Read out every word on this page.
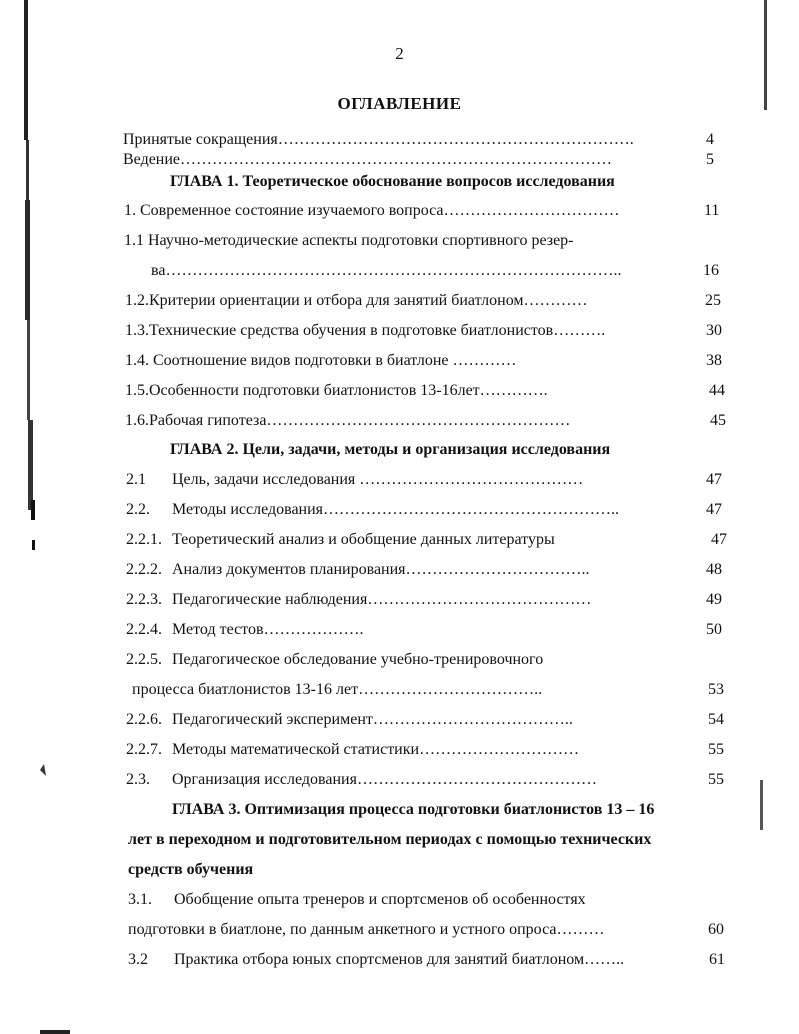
2
ОГЛАВЛЕНИЕ
Принятые сокращения………………………………………………………….	4
Ведение………………………………………………………………………	5
ГЛАВА 1. Теоретическое обоснование вопросов исследования
1. Современное состояние изучаемого вопроса……………………………	11
1.1 Научно-методические аспекты подготовки спортивного резер-
ва…………………………………………………………………………..	16
1.2.Критерии ориентации и отбора для занятий биатлоном…………	25
1.3.Технические средства обучения в подготовке биатлонистов……….	30
1.4. Соотношение видов подготовки в биатлоне …………	38
1.5.Особенности подготовки биатлонистов 13-16лет………….	44
1.6.Рабочая гипотеза…………………………………………………	45
ГЛАВА 2. Цели, задачи, методы и организация исследования
2.1 Цель, задачи исследования ……………………………………	47
2.2. Методы исследования………………………………………………..	47
2.2.1. Теоретический анализ и обобщение данных литературы	47
2.2.2. Анализ документов планирования……………………………..	48
2.2.3. Педагогические наблюдения……………………………………	49
2.2.4. Метод тестов……………….	50
2.2.5. Педагогическое обследование учебно-тренировочного
процесса биатлонистов 13-16 лет……………………………..	53
2.2.6. Педагогический эксперимент………………………………..	54
2.2.7. Методы математической статистики…………………………	55
2.3. Организация исследования………………………………………	55
ГЛАВА 3. Оптимизация процесса подготовки биатлонистов 13 – 16
лет в переходном и подготовительном периодах с помощью технических
средств обучения
3.1. Обобщение опыта тренеров и спортсменов об особенностях
подготовки в биатлоне, по данным анкетного и устного опроса………	60
3.2 Практика отбора юных спортсменов для занятий биатлоном……..	61
